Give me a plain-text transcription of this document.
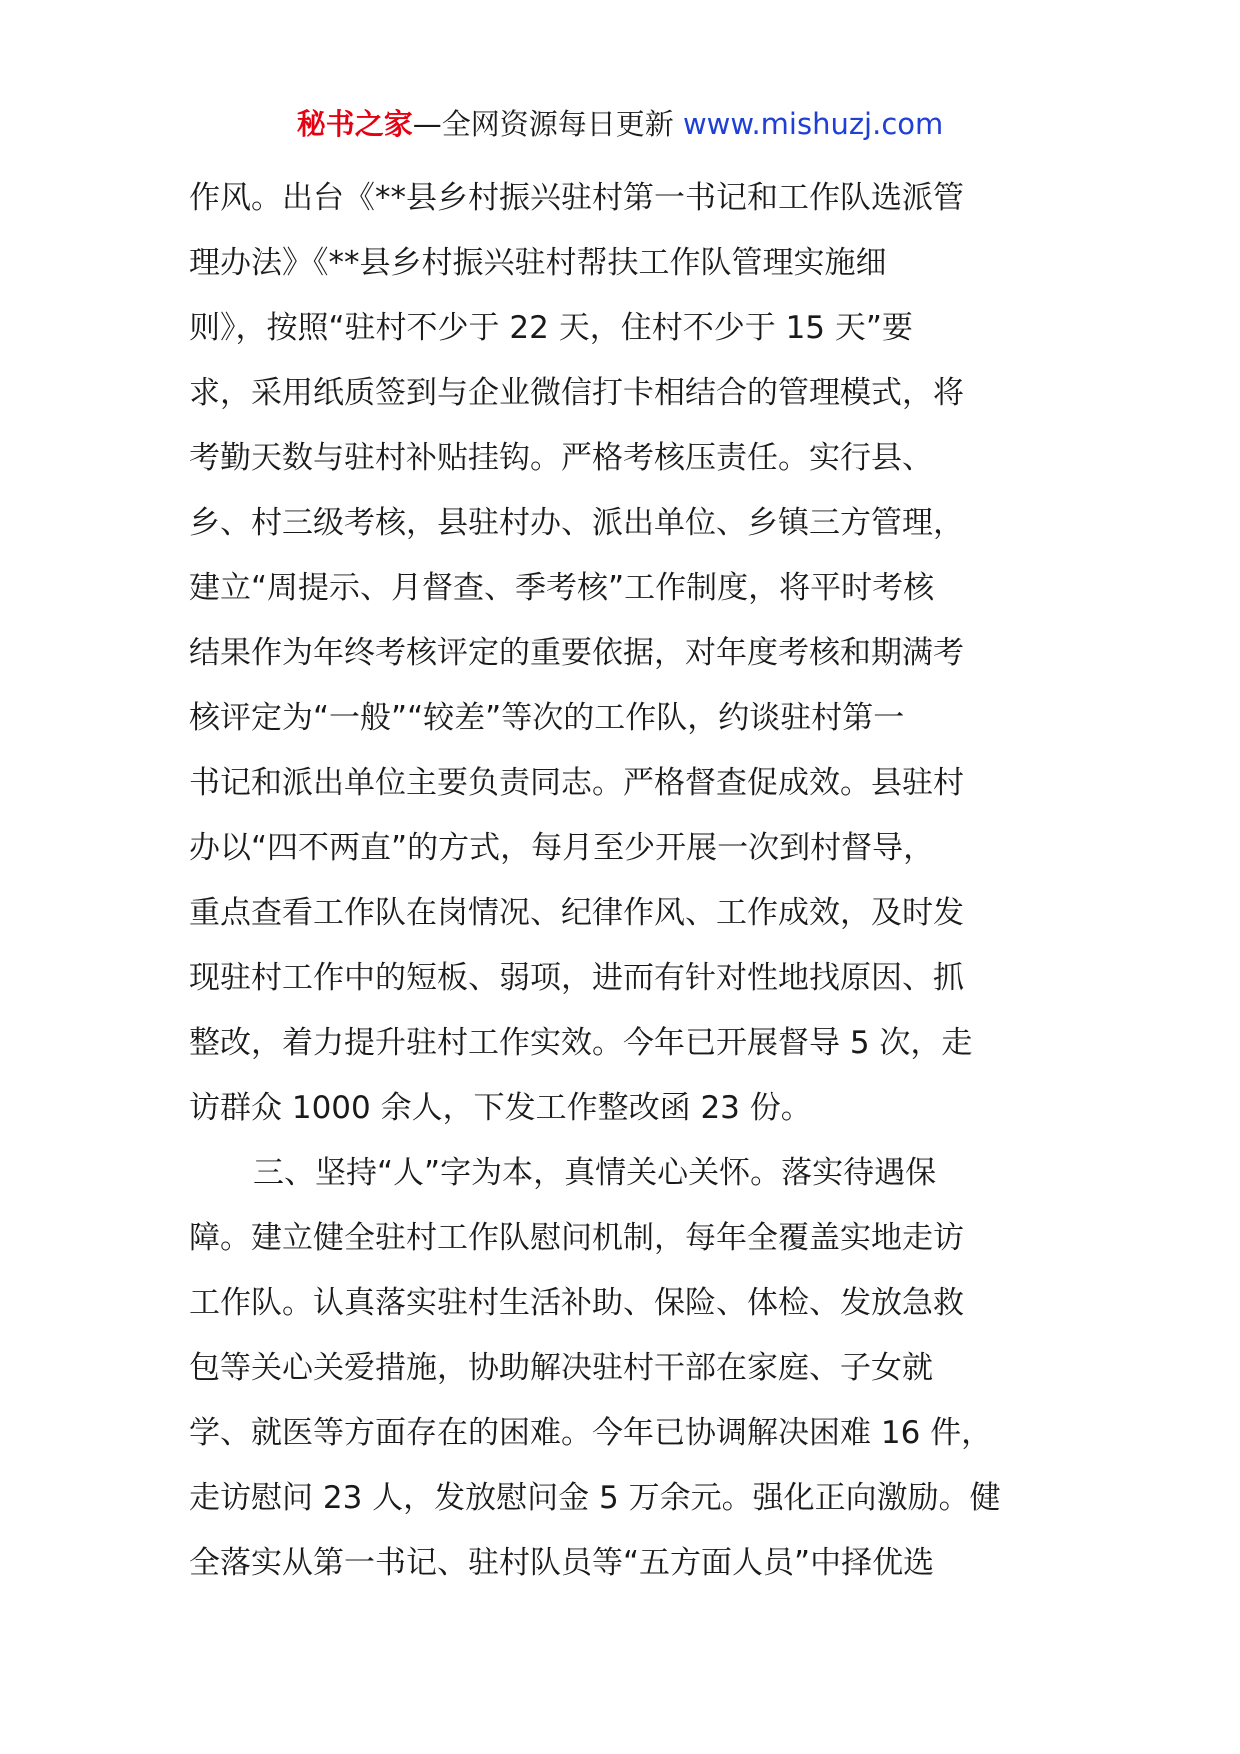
秘书之家—全网资源每日更新 www.mishuzj.com
作风。出台《**县乡村振兴驻村第一书记和工作队选派管
理办法》《**县乡村振兴驻村帮扶工作队管理实施细
则》，按照“驻村不少于 22 天，住村不少于 15 天”要
求，采用纸质签到与企业微信打卡相结合的管理模式，将
考勤天数与驻村补贴挂钩。严格考核压责任。实行县、
乡、村三级考核，县驻村办、派出单位、乡镇三方管理，
建立“周提示、月督查、季考核”工作制度，将平时考核
结果作为年终考核评定的重要依据，对年度考核和期满考
核评定为“一般”“较差”等次的工作队，约谈驻村第一
书记和派出单位主要负责同志。严格督查促成效。县驻村
办以“四不两直”的方式，每月至少开展一次到村督导，
重点查看工作队在岗情况、纪律作风、工作成效，及时发
现驻村工作中的短板、弱项，进而有针对性地找原因、抓
整改，着力提升驻村工作实效。今年已开展督导 5 次，走
访群众 1000 余人，下发工作整改函 23 份。
三、坚持“人”字为本，真情关心关怀。落实待遇保
障。建立健全驻村工作队慰问机制，每年全覆盖实地走访
工作队。认真落实驻村生活补助、保险、体检、发放急救
包等关心关爱措施，协助解决驻村干部在家庭、子女就
学、就医等方面存在的困难。今年已协调解决困难 16 件，
走访慰问 23 人，发放慰问金 5 万余元。强化正向激励。健
全落实从第一书记、驻村队员等“五方面人员”中择优选
